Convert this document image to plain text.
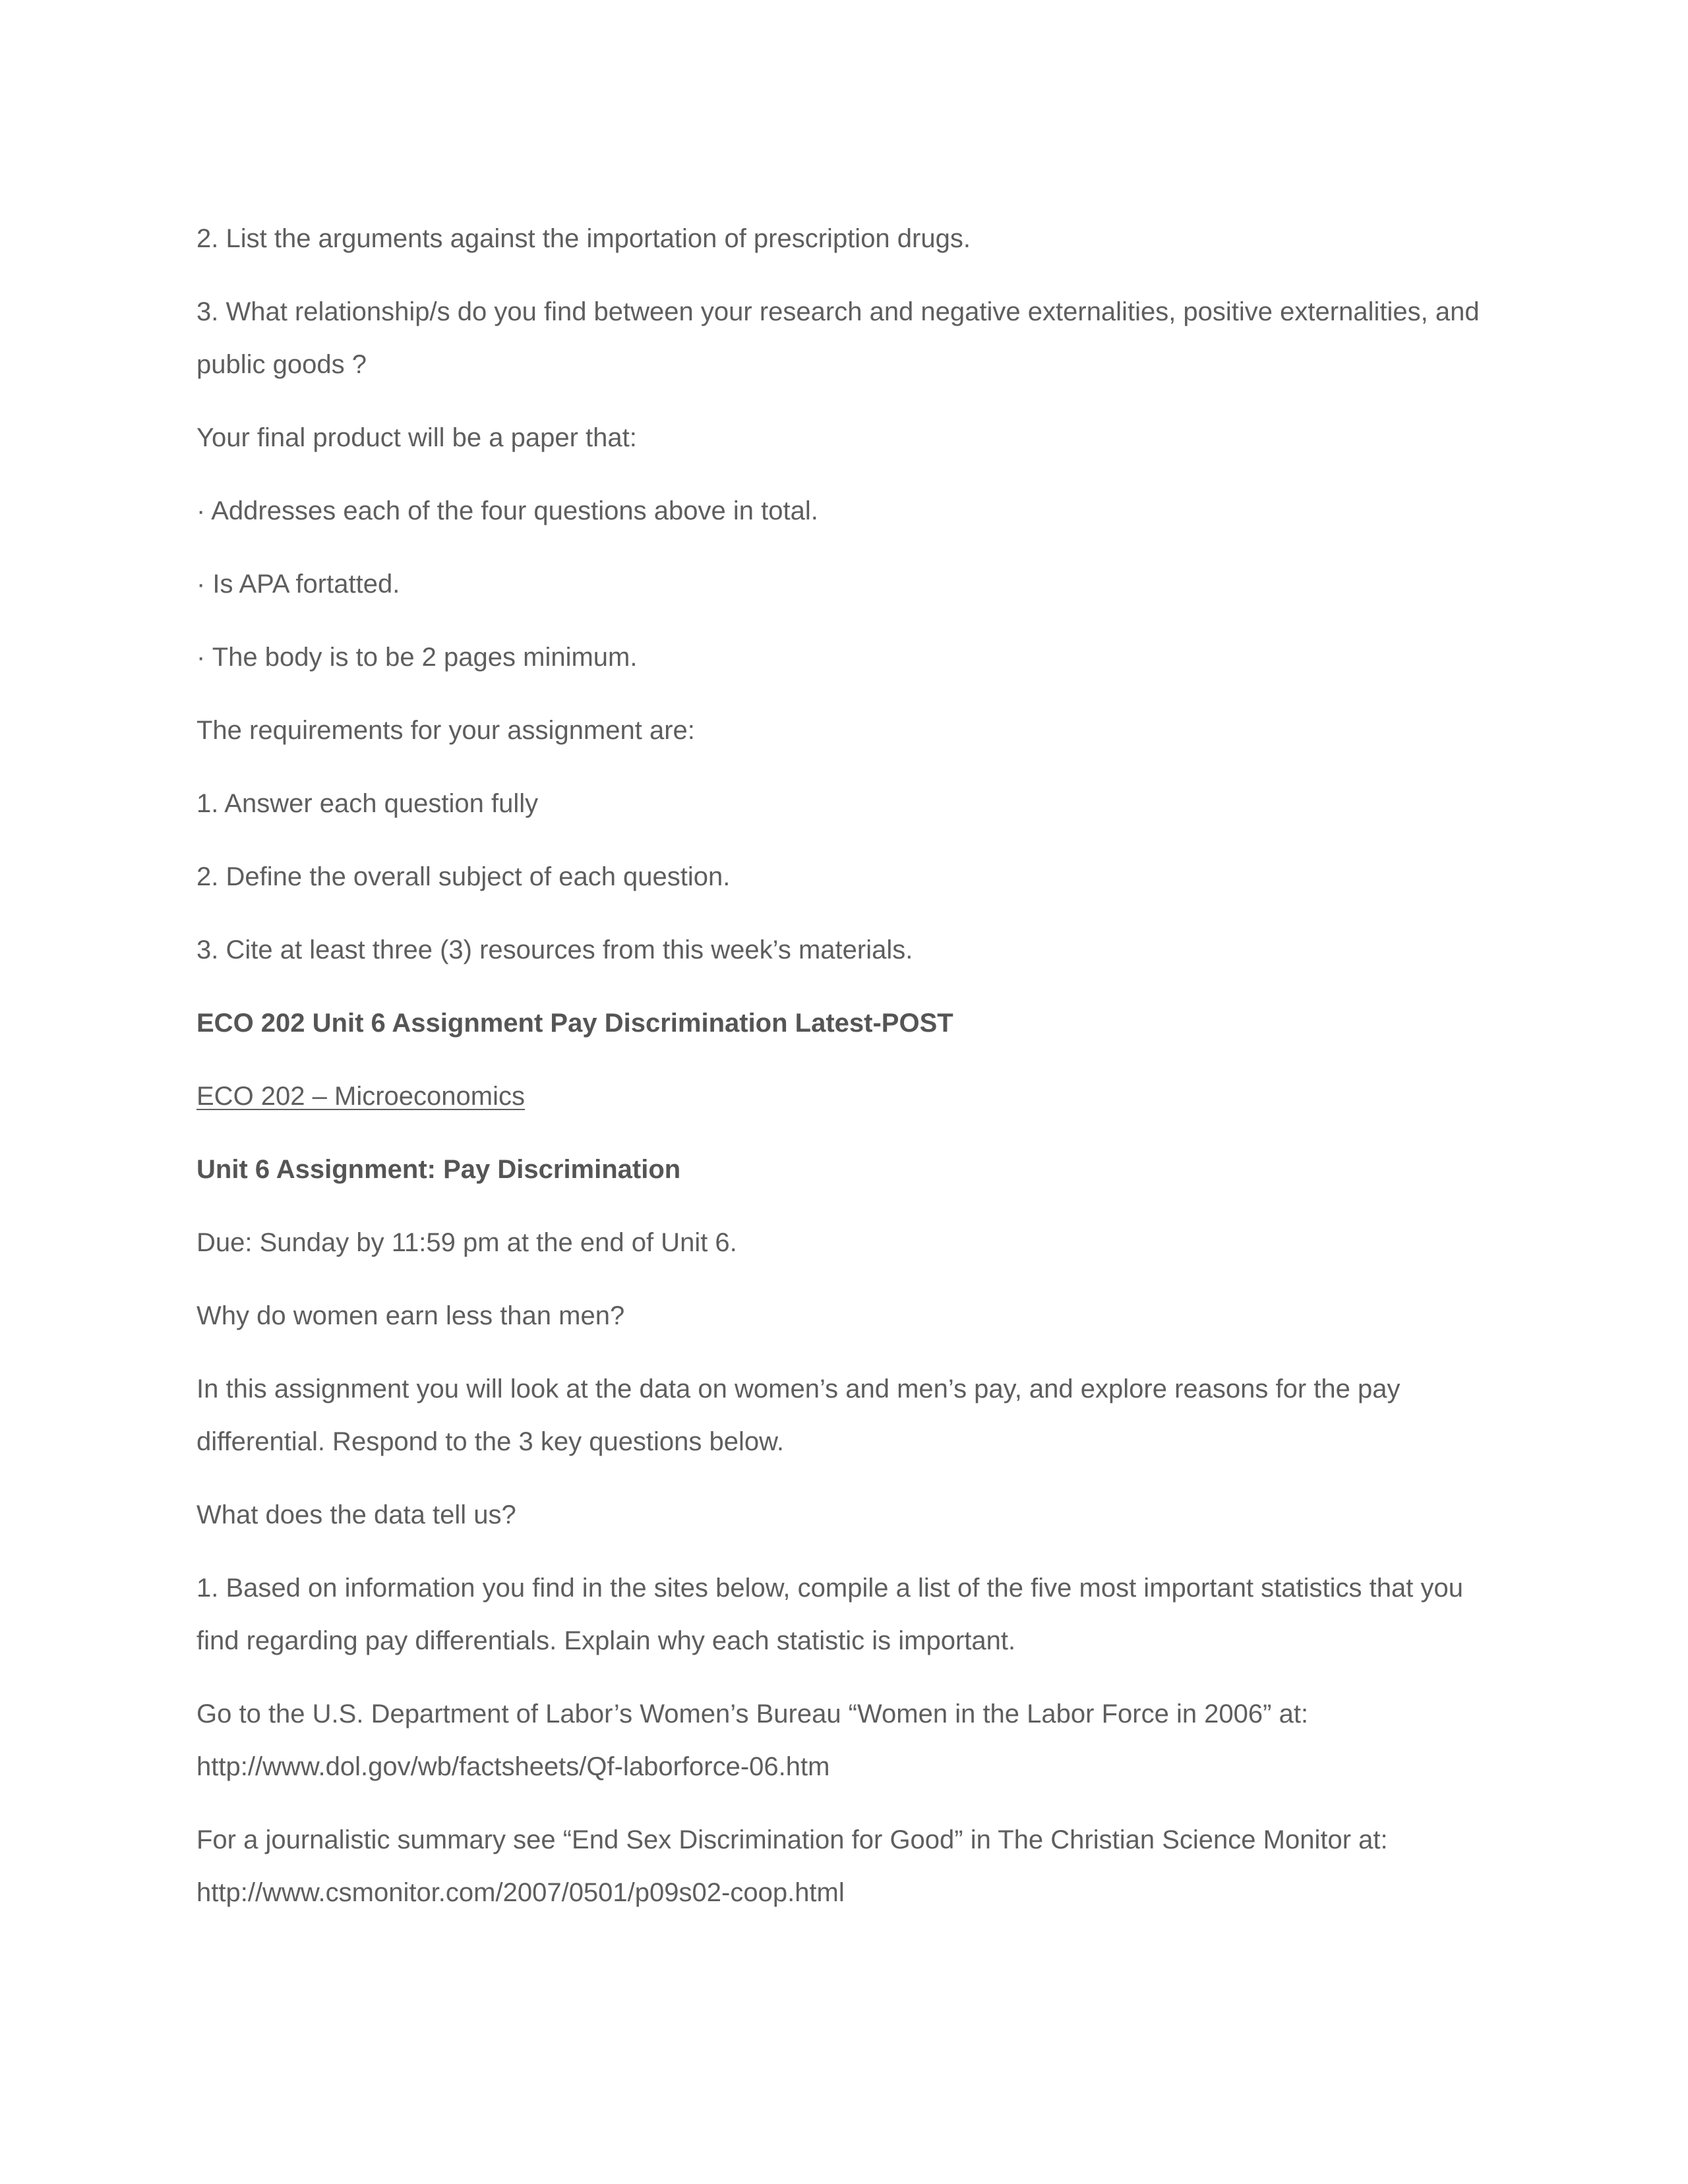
2. List the arguments against the importation of prescription drugs.

3. What relationship/s do you find between your research and negative externalities, positive externalities, and public goods ?

Your final product will be a paper that:

· Addresses each of the four questions above in total.

· Is APA fortatted.

· The body is to be 2 pages minimum.

The requirements for your assignment are:

1. Answer each question fully

2. Define the overall subject of each question.

3. Cite at least three (3) resources from this week’s materials.

ECO 202 Unit 6 Assignment Pay Discrimination Latest-POST

ECO 202 – Microeconomics

Unit 6 Assignment: Pay Discrimination

Due: Sunday by 11:59 pm at the end of Unit 6.

Why do women earn less than men?

In this assignment you will look at the data on women’s and men’s pay, and explore reasons for the pay differential. Respond to the 3 key questions below.

What does the data tell us?

1. Based on information you find in the sites below, compile a list of the five most important statistics that you find regarding pay differentials. Explain why each statistic is important.

Go to the U.S. Department of Labor’s Women’s Bureau “Women in the Labor Force in 2006” at: http://www.dol.gov/wb/factsheets/Qf-laborforce-06.htm

For a journalistic summary see “End Sex Discrimination for Good” in The Christian Science Monitor at: http://www.csmonitor.com/2007/0501/p09s02-coop.html
